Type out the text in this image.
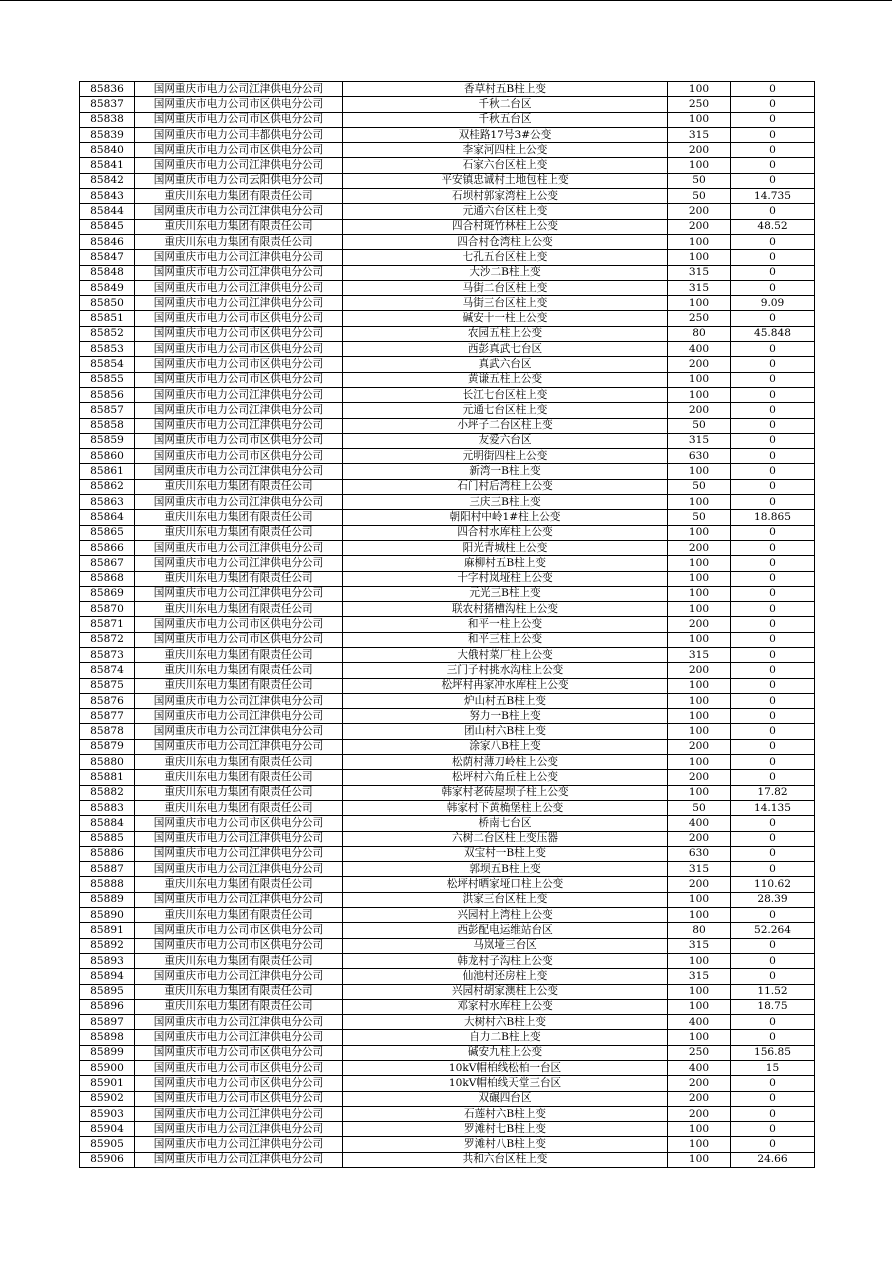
85836	国网重庆市电力公司江津供电分公司	香草村五B柱上变	100	0
85837	国网重庆市电力公司市区供电分公司	千秋二台区	250	0
85838	国网重庆市电力公司市区供电分公司	千秋五台区	100	0
85839	国网重庆市电力公司丰都供电分公司	双桂路17号3#公变	315	0
85840	国网重庆市电力公司市区供电分公司	李家河四柱上公变	200	0
85841	国网重庆市电力公司江津供电分公司	石家六台区柱上变	100	0
85842	国网重庆市电力公司云阳供电分公司	平安镇忠诚村土地包柱上变	50	0
85843	重庆川东电力集团有限责任公司	石坝村郭家湾柱上公变	50	14.735
85844	国网重庆市电力公司江津供电分公司	元通六台区柱上变	200	0
85845	重庆川东电力集团有限责任公司	四合村斑竹林柱上公变	200	48.52
85846	重庆川东电力集团有限责任公司	四合村仓湾柱上公变	100	0
85847	国网重庆市电力公司江津供电分公司	七孔五台区柱上变	100	0
85848	国网重庆市电力公司江津供电分公司	大沙二B柱上变	315	0
85849	国网重庆市电力公司江津供电分公司	马街二台区柱上变	315	0
85850	国网重庆市电力公司江津供电分公司	马街三台区柱上变	100	9.09
85851	国网重庆市电力公司市区供电分公司	碱安十一柱上公变	250	0
85852	国网重庆市电力公司市区供电分公司	农园五柱上公变	80	45.848
85853	国网重庆市电力公司市区供电分公司	西彭真武七台区	400	0
85854	国网重庆市电力公司市区供电分公司	真武六台区	200	0
85855	国网重庆市电力公司市区供电分公司	黄谦五柱上公变	100	0
85856	国网重庆市电力公司江津供电分公司	长江七台区柱上变	100	0
85857	国网重庆市电力公司江津供电分公司	元通七台区柱上变	200	0
85858	国网重庆市电力公司江津供电分公司	小坪子二台区柱上变	50	0
85859	国网重庆市电力公司市区供电分公司	友爱六台区	315	0
85860	国网重庆市电力公司市区供电分公司	元明街四柱上公变	630	0
85861	国网重庆市电力公司江津供电分公司	新湾一B柱上变	100	0
85862	重庆川东电力集团有限责任公司	石门村后湾柱上公变	50	0
85863	国网重庆市电力公司江津供电分公司	三庆三B柱上变	100	0
85864	重庆川东电力集团有限责任公司	朝阳村中岭1#柱上公变	50	18.865
85865	重庆川东电力集团有限责任公司	四合村水库柱上公变	100	0
85866	国网重庆市电力公司江津供电分公司	阳光青城柱上公变	200	0
85867	国网重庆市电力公司江津供电分公司	麻柳村五B柱上变	100	0
85868	重庆川东电力集团有限责任公司	十字村岚垭柱上公变	100	0
85869	国网重庆市电力公司江津供电分公司	元光三B柱上变	100	0
85870	重庆川东电力集团有限责任公司	联农村猪槽沟柱上公变	100	0
85871	国网重庆市电力公司市区供电分公司	和平一柱上公变	200	0
85872	国网重庆市电力公司市区供电分公司	和平三柱上公变	100	0
85873	重庆川东电力集团有限责任公司	大俄村菜厂柱上公变	315	0
85874	重庆川东电力集团有限责任公司	三门子村挑水沟柱上公变	200	0
85875	重庆川东电力集团有限责任公司	松坪村冉家冲水库柱上公变	100	0
85876	国网重庆市电力公司江津供电分公司	炉山村五B柱上变	100	0
85877	国网重庆市电力公司江津供电分公司	努力一B柱上变	100	0
85878	国网重庆市电力公司江津供电分公司	团山村六B柱上变	100	0
85879	国网重庆市电力公司江津供电分公司	涂家八B柱上变	200	0
85880	重庆川东电力集团有限责任公司	松荫村薄刀岭柱上公变	100	0
85881	重庆川东电力集团有限责任公司	松坪村六角丘柱上公变	200	0
85882	重庆川东电力集团有限责任公司	韩家村老砖屋坝子柱上公变	100	17.82
85883	重庆川东电力集团有限责任公司	韩家村下黄桷堡柱上公变	50	14.135
85884	国网重庆市电力公司市区供电分公司	桥南七台区	400	0
85885	国网重庆市电力公司江津供电分公司	六树二台区柱上变压器	200	0
85886	国网重庆市电力公司江津供电分公司	双宝村一B柱上变	630	0
85887	国网重庆市电力公司江津供电分公司	郭坝五B柱上变	315	0
85888	重庆川东电力集团有限责任公司	松坪村晒家垭口柱上公变	200	110.62
85889	国网重庆市电力公司江津供电分公司	洪家三台区柱上变	100	28.39
85890	重庆川东电力集团有限责任公司	兴园村上湾柱上公变	100	0
85891	国网重庆市电力公司市区供电分公司	西彭配电运维站台区	80	52.264
85892	国网重庆市电力公司市区供电分公司	马岚垭三台区	315	0
85893	重庆川东电力集团有限责任公司	韩龙村子沟柱上公变	100	0
85894	国网重庆市电力公司江津供电分公司	仙池村还房柱上变	315	0
85895	重庆川东电力集团有限责任公司	兴园村胡家澳柱上公变	100	11.52
85896	重庆川东电力集团有限责任公司	邓家村水库柱上公变	100	18.75
85897	国网重庆市电力公司江津供电分公司	大树村六B柱上变	400	0
85898	国网重庆市电力公司江津供电分公司	自力二B柱上变	100	0
85899	国网重庆市电力公司市区供电分公司	碱安九柱上公变	250	156.85
85900	国网重庆市电力公司市区供电分公司	10kV帽柏线松柏一台区	400	15
85901	国网重庆市电力公司市区供电分公司	10kV帽柏线天堂三台区	200	0
85902	国网重庆市电力公司市区供电分公司	双碾四台区	200	0
85903	国网重庆市电力公司江津供电分公司	石莲村六B柱上变	200	0
85904	国网重庆市电力公司江津供电分公司	罗滩村七B柱上变	100	0
85905	国网重庆市电力公司江津供电分公司	罗滩村八B柱上变	100	0
85906	国网重庆市电力公司江津供电分公司	共和六台区柱上变	100	24.66
